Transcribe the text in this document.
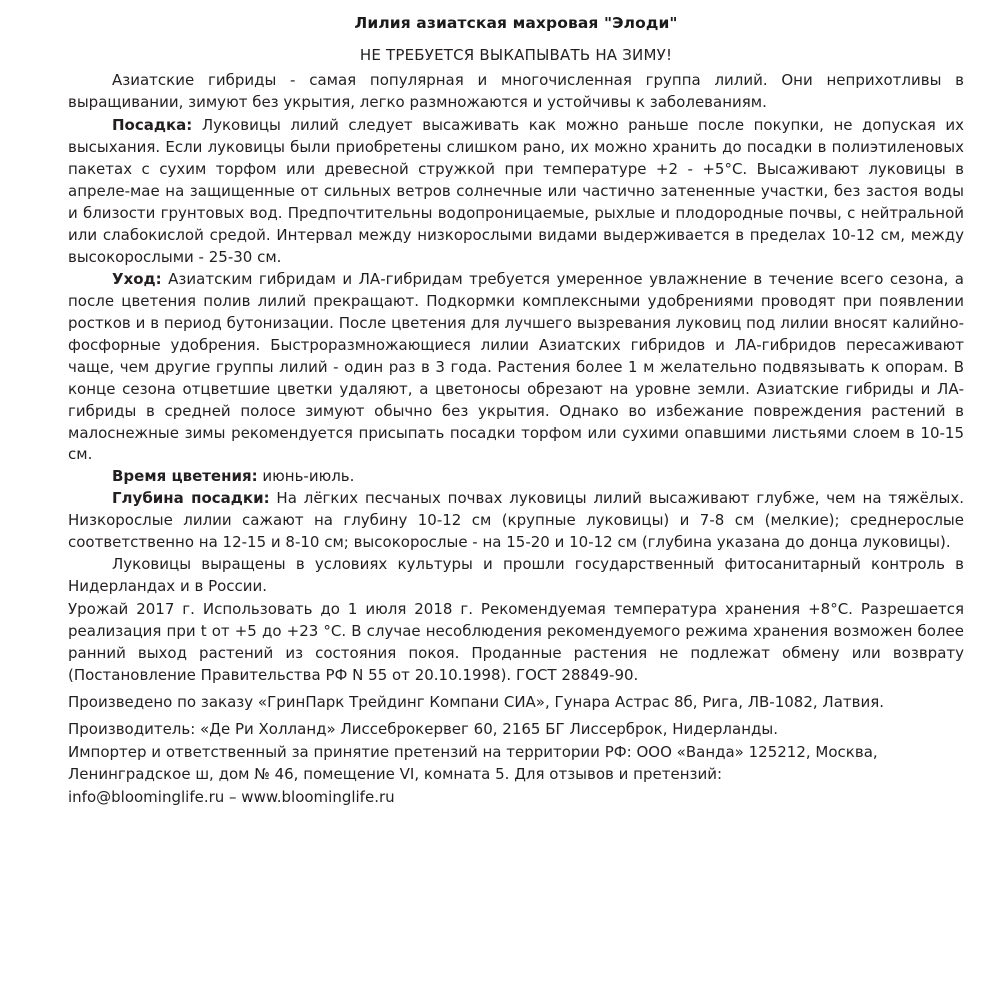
Лилия азиатская махровая "Элоди"
НЕ ТРЕБУЕТСЯ ВЫКАПЫВАТЬ НА ЗИМУ!

Азиатские гибриды - самая популярная и многочисленная группа лилий. Они неприхотливы в выращивании, зимуют без укрытия, легко размножаются и устойчивы к заболеваниям.

Посадка: Луковицы лилий следует высаживать как можно раньше после покупки, не допуская их высыхания. Если луковицы были приобретены слишком рано, их можно хранить до посадки в полиэтиленовых пакетах с сухим торфом или древесной стружкой при температуре +2 - +5°С. Высаживают луковицы в апреле-мае на защищенные от сильных ветров солнечные или частично затененные участки, без застоя воды и близости грунтовых вод. Предпочтительны водопроницаемые, рыхлые и плодородные почвы, с нейтральной или слабокислой средой. Интервал между низкорослыми видами выдерживается в пределах 10-12 см, между высокорослыми - 25-30 см.

Уход: Азиатским гибридам и ЛА-гибридам требуется умеренное увлажнение в течение всего сезона, а после цветения полив лилий прекращают. Подкормки комплексными удобрениями проводят при появлении ростков и в период бутонизации. После цветения для лучшего вызревания луковиц под лилии вносят калийно-фосфорные удобрения. Быстроразмножающиеся лилии Азиатских гибридов и ЛА-гибридов пересаживают чаще, чем другие группы лилий - один раз в 3 года. Растения более 1 м желательно подвязывать к опорам. В конце сезона отцветшие цветки удаляют, а цветоносы обрезают на уровне земли. Азиатские гибриды и ЛА-гибриды в средней полосе зимуют обычно без укрытия. Однако во избежание повреждения растений в малоснежные зимы рекомендуется присыпать посадки торфом или сухими опавшими листьями слоем в 10-15 см.

Время цветения: июнь-июль.

Глубина посадки: На лёгких песчаных почвах луковицы лилий высаживают глубже, чем на тяжёлых. Низкорослые лилии сажают на глубину 10-12 см (крупные луковицы) и 7-8 см (мелкие); среднерослые соответственно на 12-15 и 8-10 см; высокорослые - на 15-20 и 10-12 см (глубина указана до донца луковицы).

Луковицы выращены в условиях культуры и прошли государственный фитосанитарный контроль в Нидерландах и в России.

Урожай 2017 г. Использовать до 1 июля 2018 г. Рекомендуемая температура хранения +8°С. Разрешается реализация при t от +5 до +23 °С. В случае несоблюдения рекомендуемого режима хранения возможен более ранний выход растений из состояния покоя. Проданные растения не подлежат обмену или возврату (Постановление Правительства РФ N 55 от 20.10.1998). ГОСТ 28849-90.

Произведено по заказу «ГринПарк Трейдинг Компани СИА», Гунара Астрас 8б, Рига, ЛВ-1082, Латвия.

Производитель: «Де Ри Холланд» Лиссеброкервег 60, 2165 БГ Лиссерброк, Нидерланды.

Импортер и ответственный за принятие претензий на территории РФ: ООО «Ванда» 125212, Москва, Ленинградское ш, дом № 46, помещение VI, комната 5. Для отзывов и претензий:

info@bloominglife.ru – www.bloominglife.ru
